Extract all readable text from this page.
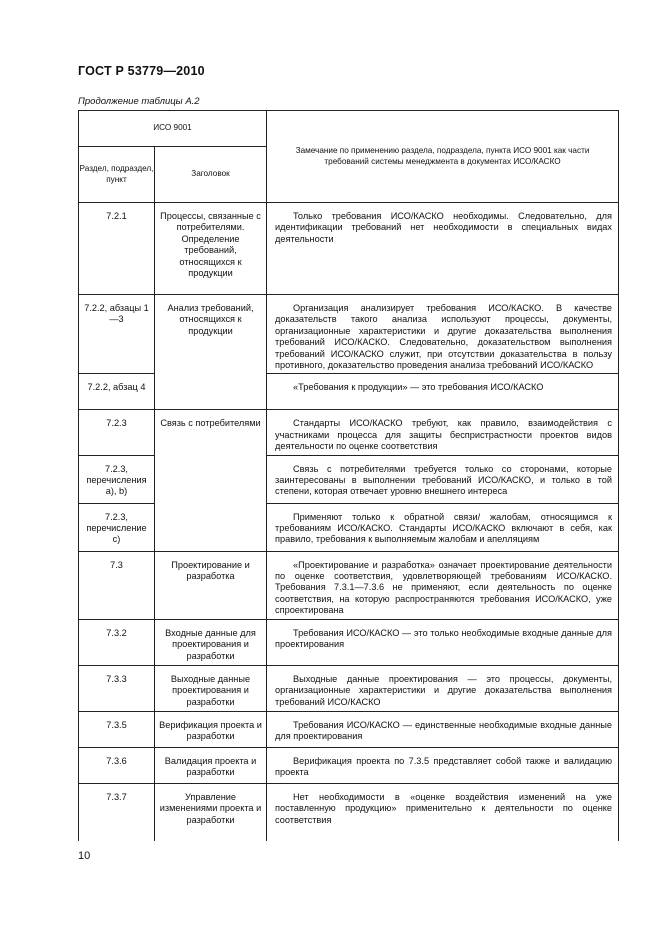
ГОСТ Р 53779—2010
Продолжение таблицы А.2
ИСО 9001		Замечание по применению раздела, подраздела, пункта ИСО 9001 как части требований системы менеджмента в документах ИСО/КАСКО
Раздел, подраздел, пункт	Заголовок	
7.2.1	Процессы, связанные с потребителями. Определение требований, относящихся к продукции	Только требования ИСО/КАСКО необходимы. Следовательно, для идентификации требований нет необходимости в специальных видах деятельности

7.2.2, абзацы 1—3	Анализ требований, относящихся к продукции	Организация анализирует требования ИСО/КАСКО. В качестве доказательств такого анализа используют процессы, документы, организационные характеристики и другие доказательства выполнения требований ИСО/КАСКО. Следовательно, доказательством выполнения требований ИСО/КАСКО служит, при отсутствии доказательства в пользу противного, доказательство проведения анализа требований ИСО/КАСКО

7.2.2, абзац 4		«Требования к продукции» — это требования ИСО/КАСКО

7.2.3	Связь с потребителями	Стандарты ИСО/КАСКО требуют, как правило, взаимодействия с участниками процесса для защиты беспристрастности проектов видов деятельности по оценке соответствия

7.2.3, перечисления a), b)		Связь с потребителями требуется только со сторонами, которые заинтересованы в выполнении требований ИСО/КАСКО, и только в той степени, которая отвечает уровню внешнего интереса

7.2.3, перечисление c)		Применяют только к обратной связи/ жалобам, относящимся к требованиям ИСО/КАСКО. Стандарты ИСО/КАСКО включают в себя, как правило, требования к выполняемым жалобам и апелляциям

7.3	Проектирование и разработка	«Проектирование и разработка» означает проектирование деятельности по оценке соответствия, удовлетворяющей требованиям ИСО/КАСКО. Требования 7.3.1—7.3.6 не применяют, если деятельность по оценке соответствия, на которую распространяются требования ИСО/КАСКО, уже спроектирована

7.3.2	Входные данные для проектирования и разработки	Требования ИСО/КАСКО — это только необходимые входные данные для проектирования

7.3.3	Выходные данные проектирования и разработки	Выходные данные проектирования — это процессы, документы, организационные характеристики и другие доказательства выполнения требований ИСО/КАСКО

7.3.5	Верификация проекта и разработки	Требования ИСО/КАСКО — единственные необходимые входные данные для проектирования

7.3.6	Валидация проекта и разработки	Верификация проекта по 7.3.5 представляет собой также и валидацию проекта

7.3.7	Управление изменениями проекта и разработки	Нет необходимости в «оценке воздействия изменений на уже поставленную продукцию» применительно к деятельности по оценке соответствия
10
